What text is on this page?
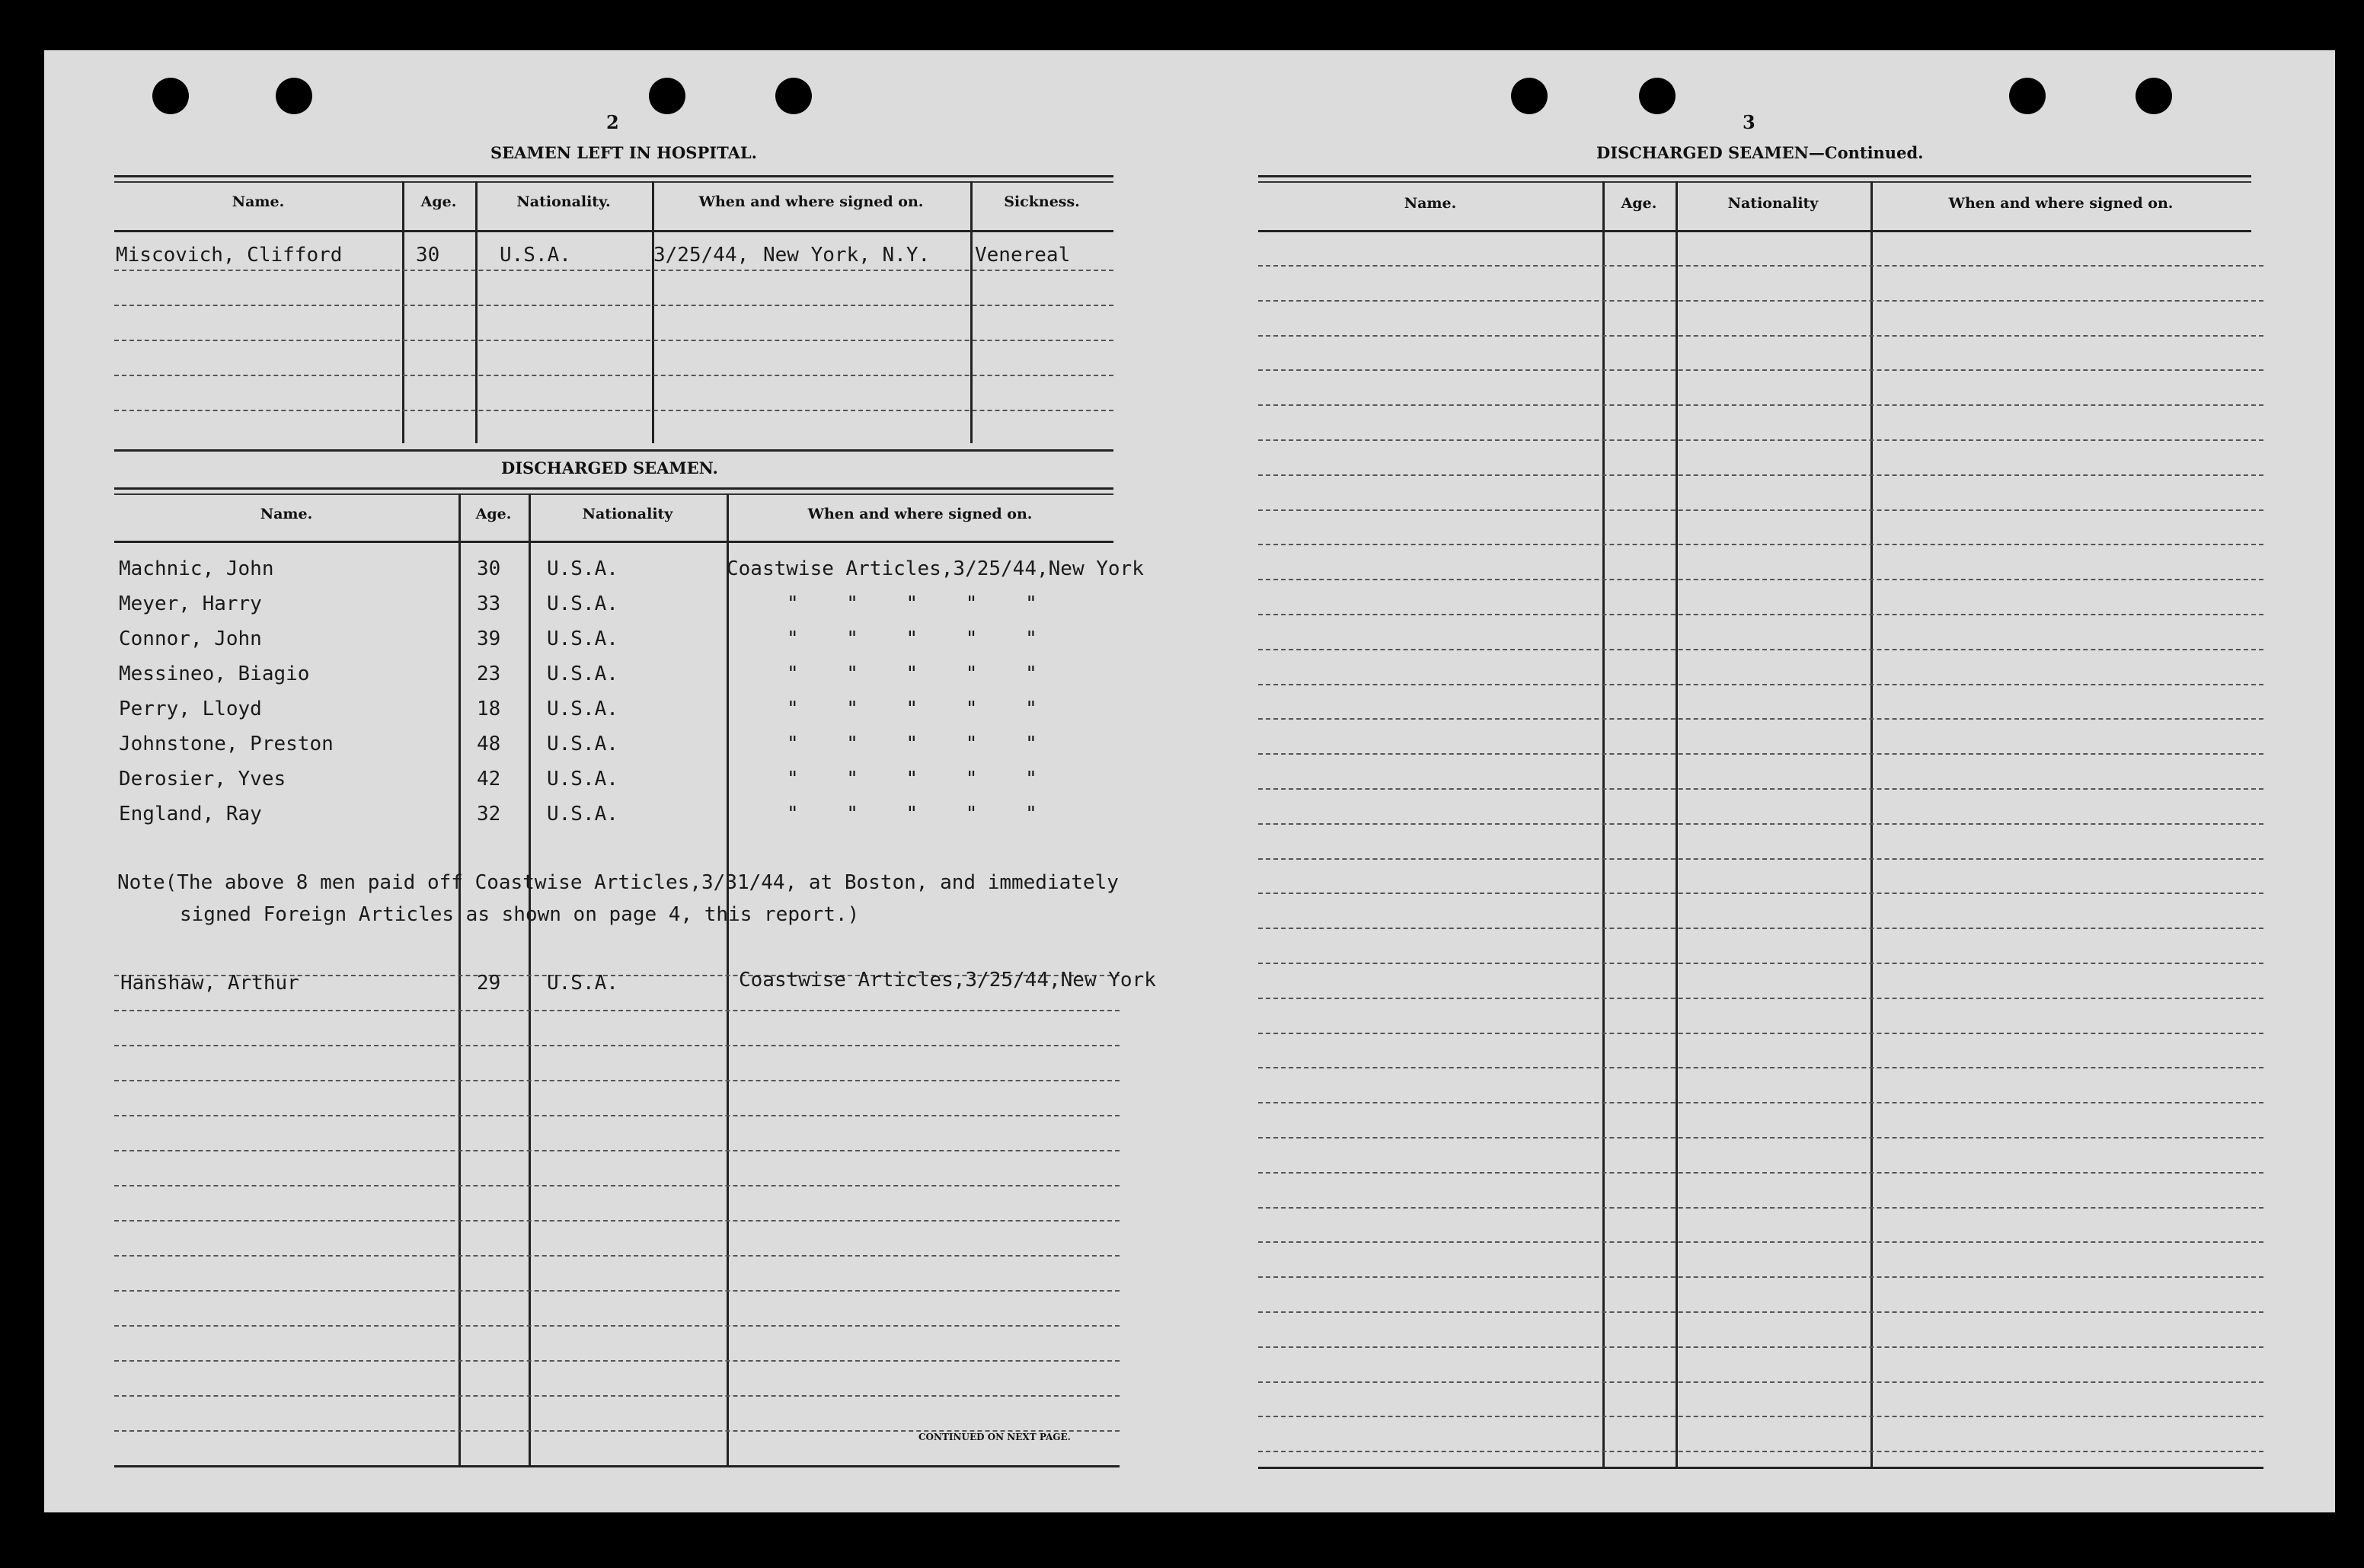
2
SEAMEN LEFT IN HOSPITAL.
Name.	Age.	Nationality.	When and where signed on.	Sickness.
Miscovich, Clifford	30	U.S.A.	3/25/44, New York, N.Y. Venereal
DISCHARGED SEAMEN.
Name.	Age.	Nationality	When and where signed on.
Machnic, John	30 U.S.A.	Coastwise Articles,3/25/44,New York
Meyer, Harry	33 U.S.A.	"    "    "    "    "
Connor, John	39 U.S.A.	"    "    "    "    "
Messineo, Biagio	23 U.S.A.	"    "    "    "    "
Perry, Lloyd	18 U.S.A.	"    "    "    "    "
Johnstone, Preston	48 U.S.A.	"    "    "    "    "
Derosier, Yves	42 U.S.A.	"    "    "    "    "
England, Ray	32 U.S.A.	"    "    "    "    "
Note(The above 8 men paid off Coastwise Articles,3/31/44, at Boston, and immediately
signed Foreign Articles as shown on page 4, this report.)
Hanshaw, Arthur	29 U.S.A.	Coastwise Articles,3/25/44,New York
CONTINUED ON NEXT PAGE.
3
DISCHARGED SEAMEN—Continued.
Name.	Age.	Nationality	When and where signed on.
